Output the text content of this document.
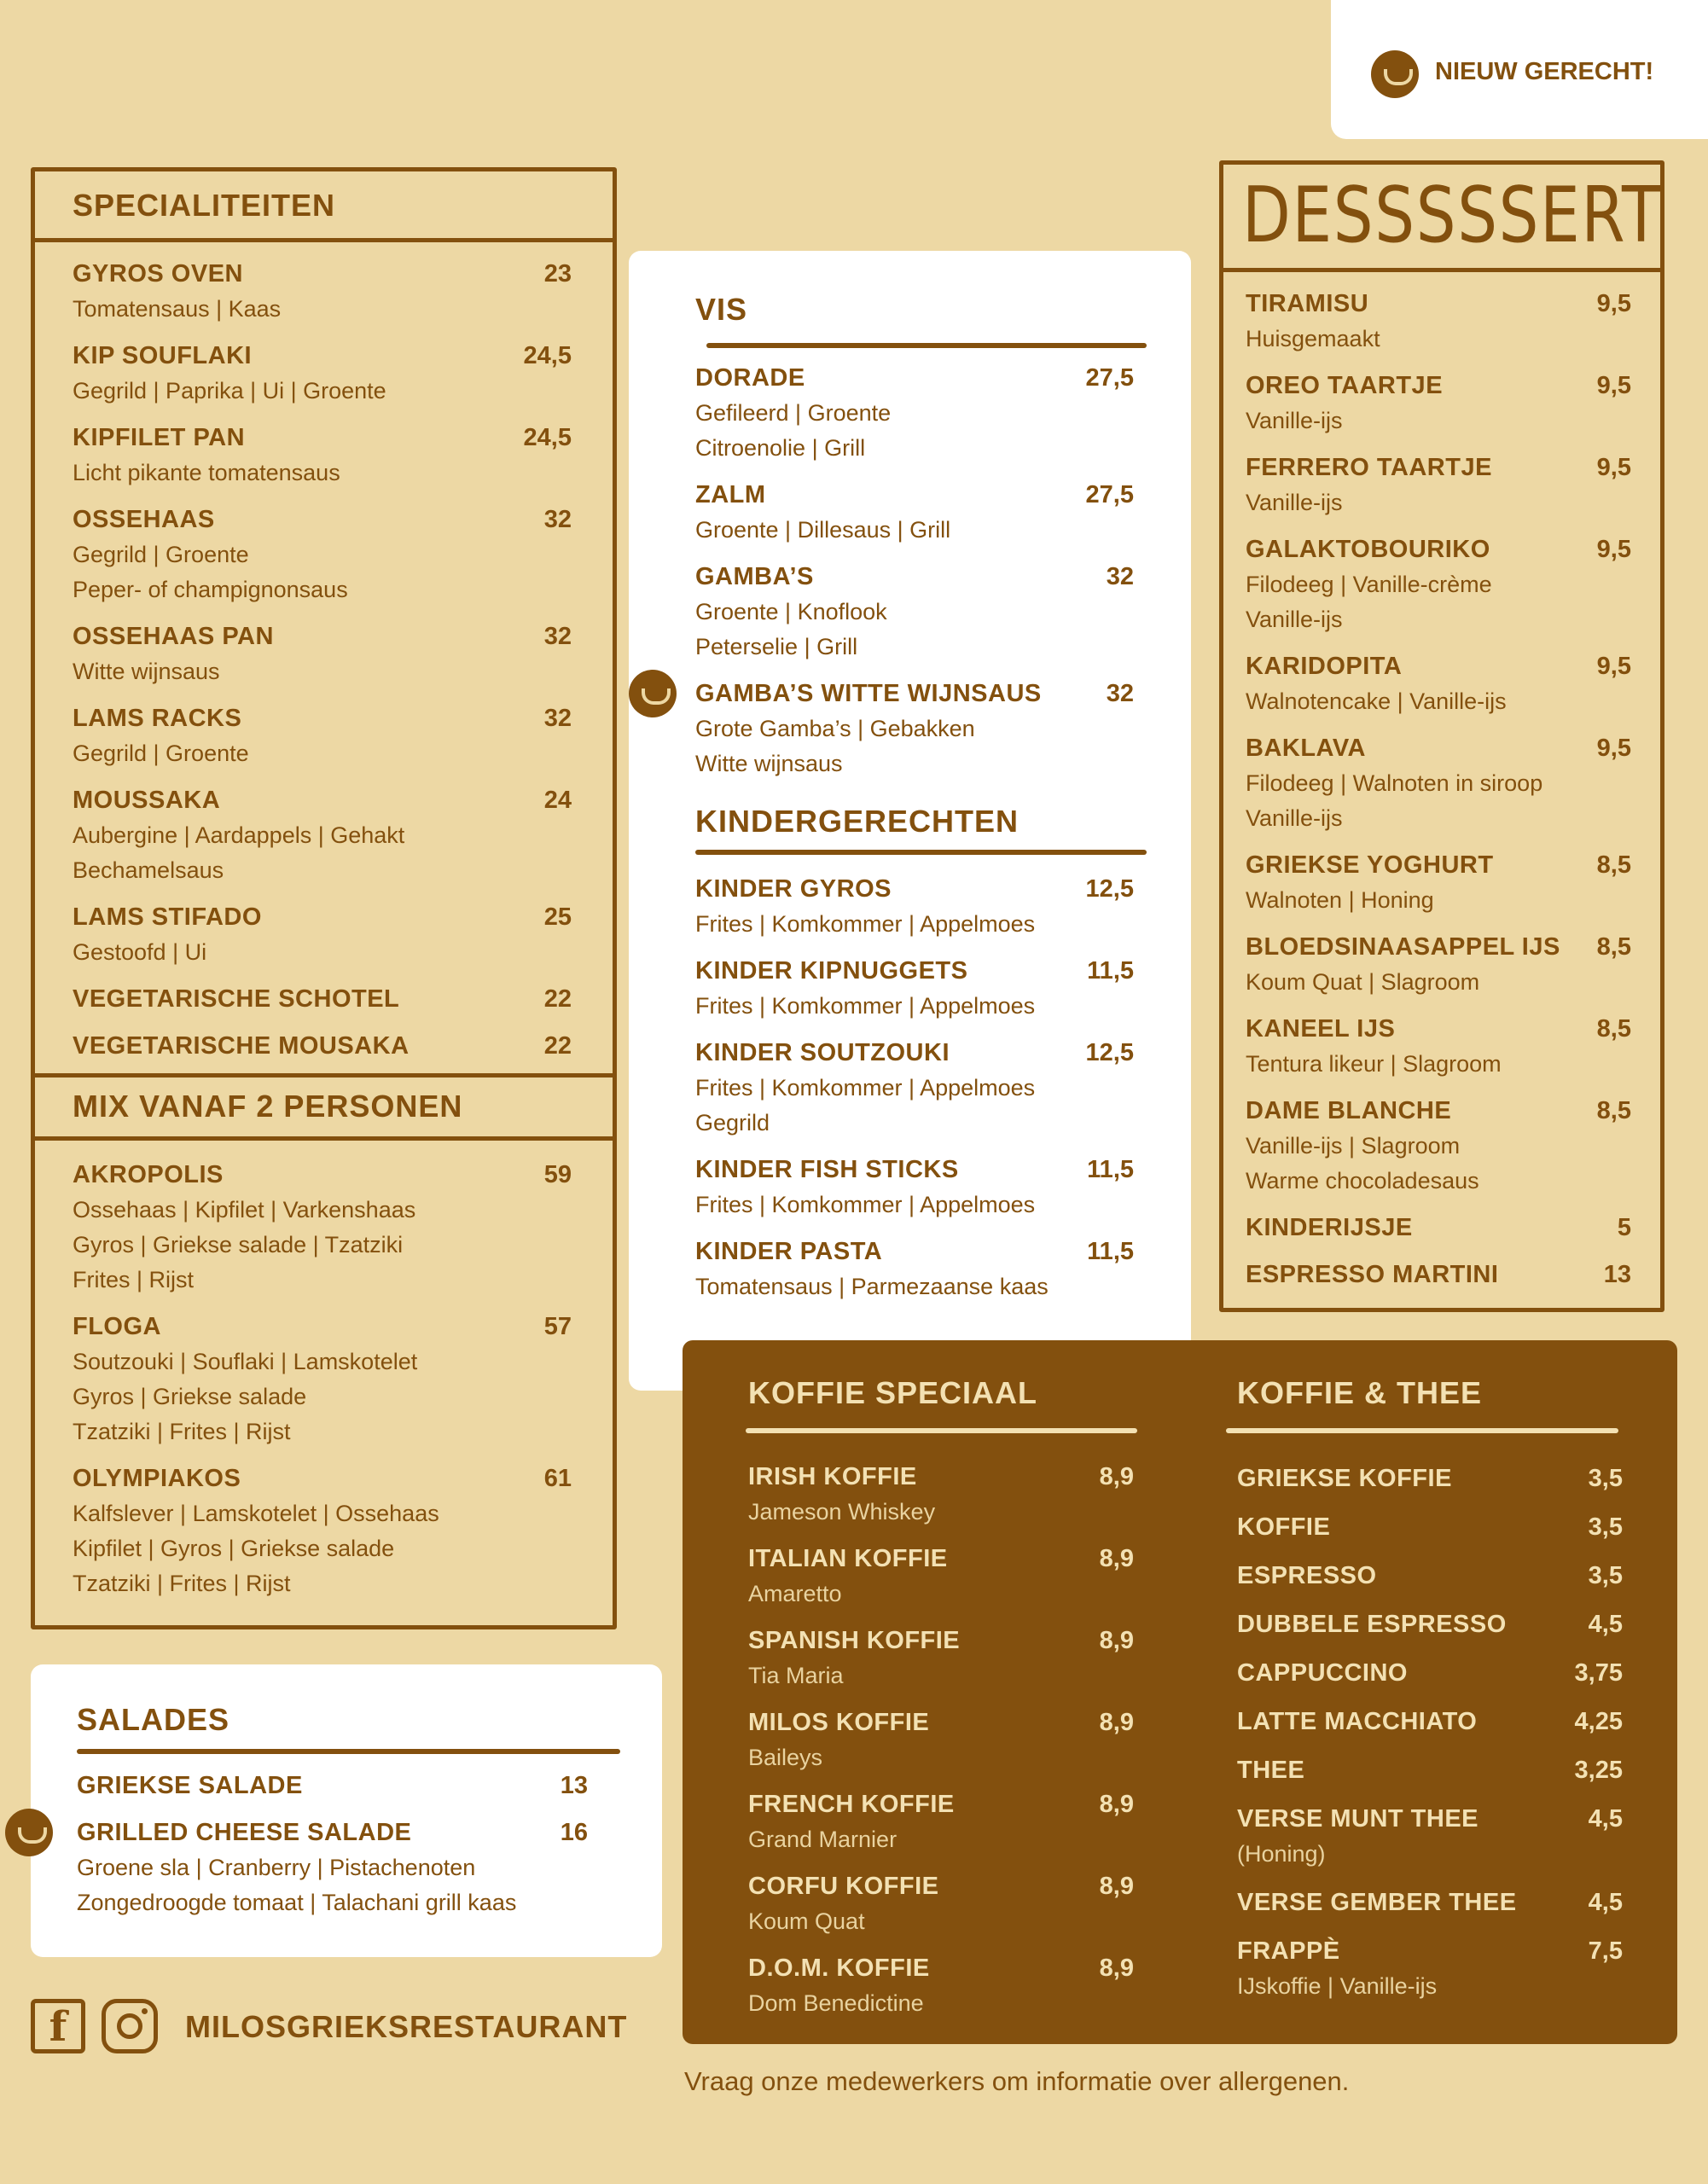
NIEUW GERECHT!
SPECIALITEITEN
GYROS OVEN	23
Tomatensaus | Kaas
KIP SOUFLAKI	24,5
Gegrild | Paprika | Ui | Groente
KIPFILET PAN	24,5
Licht pikante tomatensaus
OSSEHAAS	32
Gegrild | Groente
Peper- of champignonsaus
OSSEHAAS PAN	32
Witte wijnsaus
LAMS RACKS	32
Gegrild | Groente
MOUSSAKA	24
Aubergine | Aardappels | Gehakt
Bechamelsaus
LAMS STIFADO	25
Gestoofd | Ui
VEGETARISCHE SCHOTEL	22
VEGETARISCHE MOUSAKA	22
MIX VANAF 2 PERSONEN
AKROPOLIS	59
Ossehaas | Kipfilet | Varkenshaas
Gyros | Griekse salade | Tzatziki
Frites | Rijst
FLOGA	57
Soutzouki | Souflaki | Lamskotelet
Gyros | Griekse salade
Tzatziki | Frites | Rijst
OLYMPIAKOS	61
Kalfslever | Lamskotelet | Ossehaas
Kipfilet | Gyros | Griekse salade
Tzatziki | Frites | Rijst
VIS
DORADE	27,5
Gefileerd | Groente
Citroenolie | Grill
ZALM	27,5
Groente | Dillesaus | Grill
GAMBA’S	32
Groente | Knoflook
Peterselie | Grill
GAMBA’S WITTE WIJNSAUS	32
Grote Gamba’s | Gebakken
Witte wijnsaus
KINDERGERECHTEN
KINDER GYROS	12,5
Frites | Komkommer | Appelmoes
KINDER KIPNUGGETS	11,5
Frites | Komkommer | Appelmoes
KINDER SOUTZOUKI	12,5
Frites | Komkommer | Appelmoes
Gegrild
KINDER FISH STICKS	11,5
Frites | Komkommer | Appelmoes
KINDER PASTA	11,5
Tomatensaus | Parmezaanse kaas
DESSSSSERT
TIRAMISU	9,5
Huisgemaakt
OREO TAARTJE	9,5
Vanille-ijs
FERRERO TAARTJE	9,5
Vanille-ijs
GALAKTOBOURIKO	9,5
Filodeeg | Vanille-crème
Vanille-ijs
KARIDOPITA	9,5
Walnotencake | Vanille-ijs
BAKLAVA	9,5
Filodeeg | Walnoten in siroop
Vanille-ijs
GRIEKSE YOGHURT	8,5
Walnoten | Honing
BLOEDSINAASAPPEL IJS 8,5
Koum Quat | Slagroom
KANEEL IJS	8,5
Tentura likeur | Slagroom
DAME BLANCHE	8,5
Vanille-ijs | Slagroom
Warme chocoladesaus
KINDERIJSJE	5
ESPRESSO MARTINI	13
KOFFIE SPECIAAL
IRISH KOFFIE	8,9
Jameson Whiskey
ITALIAN KOFFIE	8,9
Amaretto
SPANISH KOFFIE	8,9
Tia Maria
MILOS KOFFIE	8,9
Baileys
FRENCH KOFFIE	8,9
Grand Marnier
CORFU KOFFIE	8,9
Koum Quat
D.O.M. KOFFIE	8,9
Dom Benedictine
KOFFIE & THEE
GRIEKSE KOFFIE	3,5
KOFFIE	3,5
ESPRESSO	3,5
DUBBELE ESPRESSO	4,5
CAPPUCCINO	3,75
LATTE MACCHIATO	4,25
THEE	3,25
VERSE MUNT THEE	4,5
(Honing)
VERSE GEMBER THEE	4,5
FRAPPÈ	7,5
IJskoffie | Vanille-ijs
SALADES
GRIEKSE SALADE	13
GRILLED CHEESE SALADE	16
Groene sla | Cranberry | Pistachenoten
Zongedroogde tomaat | Talachani grill kaas
f	MILOSGRIEKSRESTAURANT
Vraag onze medewerkers om informatie over allergenen.
